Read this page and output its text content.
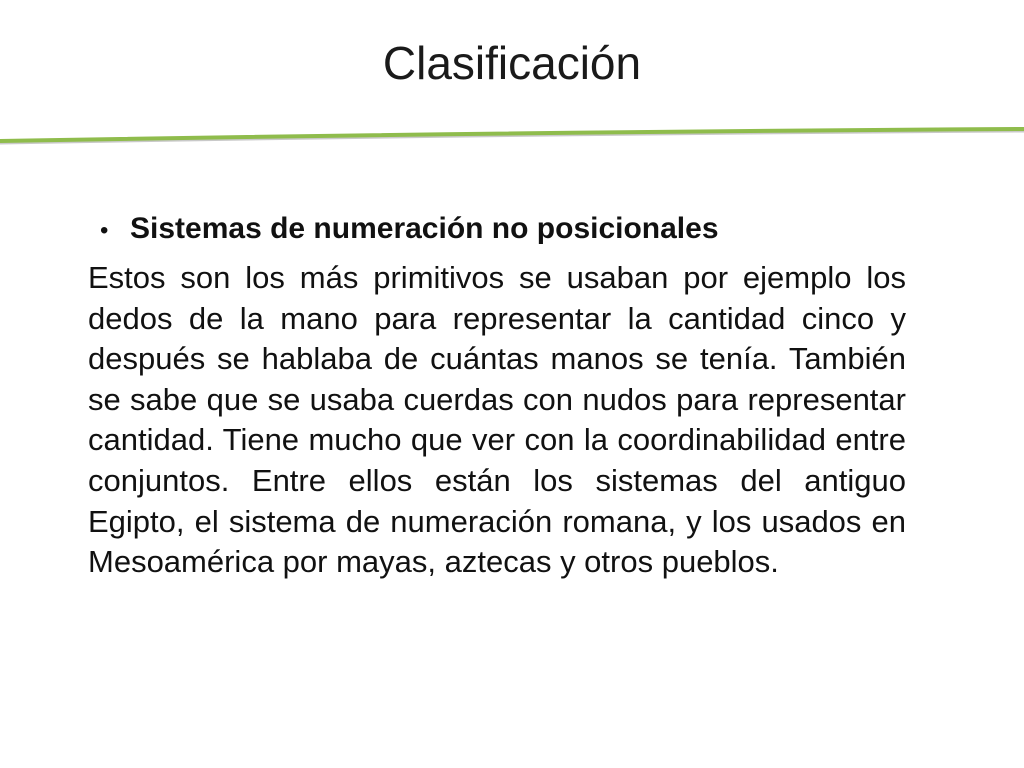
Clasificación
• Sistemas de numeración no posicionales
Estos son los más primitivos se usaban por ejemplo los dedos de la mano para representar la cantidad cinco y después se hablaba de cuántas manos se tenía. También se sabe que se usaba cuerdas con nudos para representar cantidad. Tiene mucho que ver con la coordinabilidad entre conjuntos. Entre ellos están los sistemas del antiguo Egipto, el sistema de numeración romana, y los usados en Mesoamérica por mayas, aztecas y otros pueblos.
